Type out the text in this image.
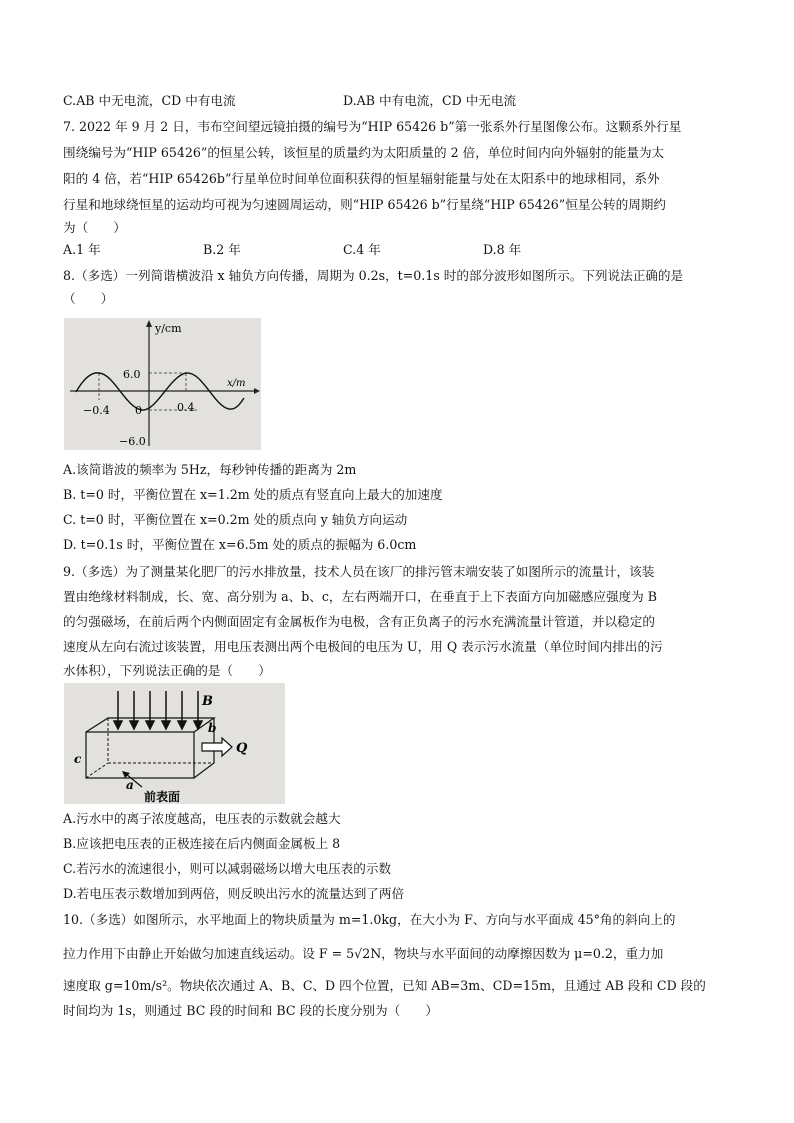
C.AB 中无电流，CD 中有电流	D.AB 中有电流，CD 中无电流
7. 2022 年 9 月 2 日，韦布空间望远镜拍摄的编号为“HIP 65426 b”第一张系外行星图像公布。这颗系外行星
围绕编号为“HIP 65426”的恒星公转，该恒星的质量约为太阳质量的 2 倍，单位时间内向外辐射的能量为太
阳的 4 倍，若“HIP 65426b”行星单位时间单位面积获得的恒星辐射能量与处在太阳系中的地球相同，系外
行星和地球绕恒星的运动均可视为匀速圆周运动，则“HIP 65426 b”行星绕“HIP 65426”恒星公转的周期约
为（　　）
A.1 年	B.2 年	C.4 年	D.8 年
8.（多选）一列简谐横波沿 x 轴负方向传播，周期为 0.2s，t=0.1s 时的部分波形如图所示。下列说法正确的是
（　　）
y/cm
x/m
6.0
−6.0
−0.4 0	0.4
A.该简谐波的频率为 5Hz，每秒钟传播的距离为 2m
B. t=0 时，平衡位置在 x=1.2m 处的质点有竖直向上最大的加速度
C. t=0 时，平衡位置在 x=0.2m 处的质点向 y 轴负方向运动
D. t=0.1s 时，平衡位置在 x=6.5m 处的质点的振幅为 6.0cm
9.（多选）为了测量某化肥厂的污水排放量，技术人员在该厂的排污管末端安装了如图所示的流量计，该装
置由绝缘材料制成，长、宽、高分别为 a、b、c，左右两端开口，在垂直于上下表面方向加磁感应强度为 B
的匀强磁场，在前后两个内侧面固定有金属板作为电极，含有正负离子的污水充满流量计管道，并以稳定的
速度从左向右流过该装置，用电压表测出两个电极间的电压为 U，用 Q 表示污水流量（单位时间内排出的污
水体积），下列说法正确的是（　　）
B
b
Q
c
a
前表面
A.污水中的离子浓度越高，电压表的示数就会越大
B.应该把电压表的正极连接在后内侧面金属板上 8
C.若污水的流速很小，则可以减弱磁场以增大电压表的示数
D.若电压表示数增加到两倍，则反映出污水的流量达到了两倍
10.（多选）如图所示，水平地面上的物块质量为 m=1.0kg，在大小为 F、方向与水平面成 45°角的斜向上的
拉力作用下由静止开始做匀加速直线运动。设 F = 5√2N，物块与水平面间的动摩擦因数为 μ=0.2，重力加
速度取 g=10m/s²。物块依次通过 A、B、C、D 四个位置，已知 AB=3m、CD=15m，且通过 AB 段和 CD 段的
时间均为 1s，则通过 BC 段的时间和 BC 段的长度分别为（　　）
